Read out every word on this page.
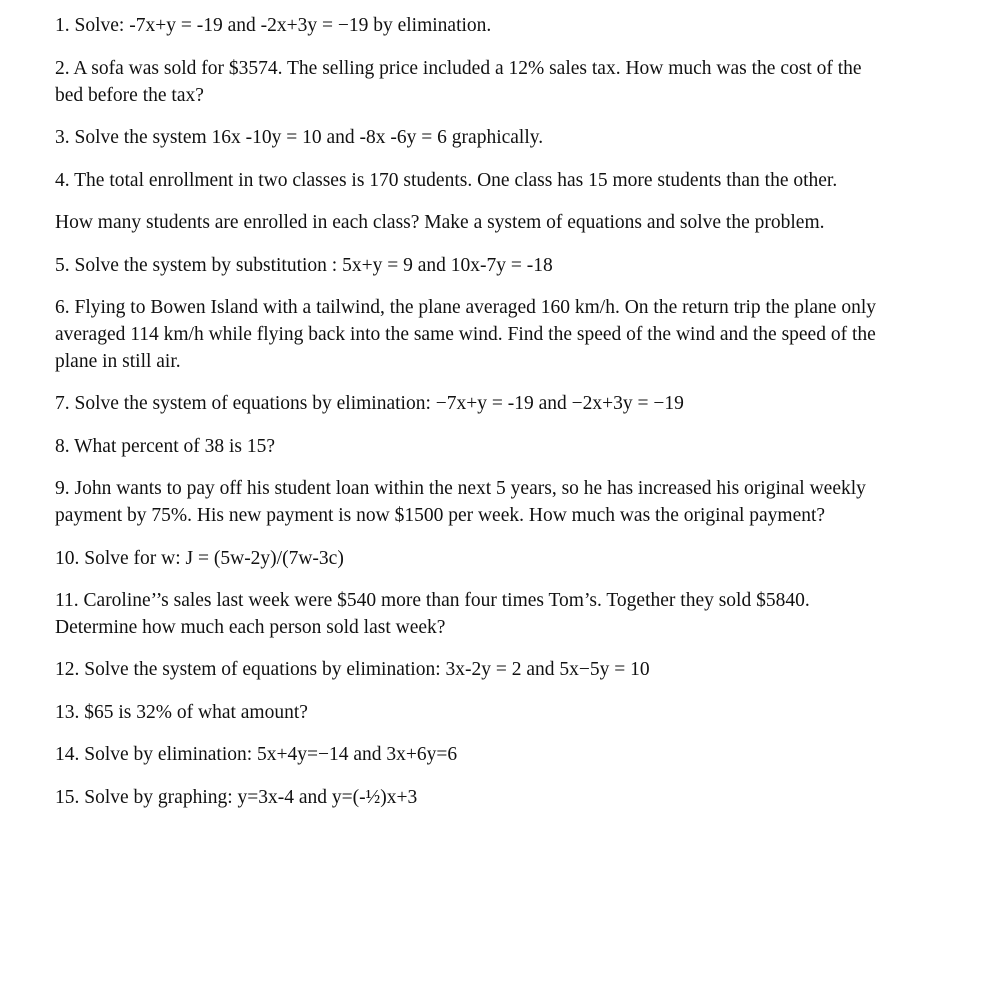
1. Solve: -7x+y = -19 and -2x+3y = −19 by elimination.

2. A sofa was sold for $3574. The selling price included a 12% sales tax. How much was the cost of the
bed before the tax?

3. Solve the system 16x -10y = 10 and -8x -6y = 6 graphically.

4. The total enrollment in two classes is 170 students. One class has 15 more students than the other.

How many students are enrolled in each class? Make a system of equations and solve the problem.

5. Solve the system by substitution : 5x+y = 9 and 10x-7y = -18

6. Flying to Bowen Island with a tailwind, the plane averaged 160 km/h. On the return trip the plane only
averaged 114 km/h while flying back into the same wind. Find the speed of the wind and the speed of the
plane in still air.

7. Solve the system of equations by elimination: −7x+y = -19 and −2x+3y = −19

8. What percent of 38 is 15?

9. John wants to pay off his student loan within the next 5 years, so he has increased his original weekly
payment by 75%. His new payment is now $1500 per week. How much was the original payment?

10. Solve for w: J = (5w-2y)/(7w-3c)

11. Caroline’’s sales last week were $540 more than four times Tom’s. Together they sold $5840.
Determine how much each person sold last week?

12. Solve the system of equations by elimination: 3x-2y = 2 and 5x−5y = 10

13. $65 is 32% of what amount?

14. Solve by elimination: 5x+4y=−14 and 3x+6y=6

15. Solve by graphing: y=3x-4 and y=(-½)x+3
